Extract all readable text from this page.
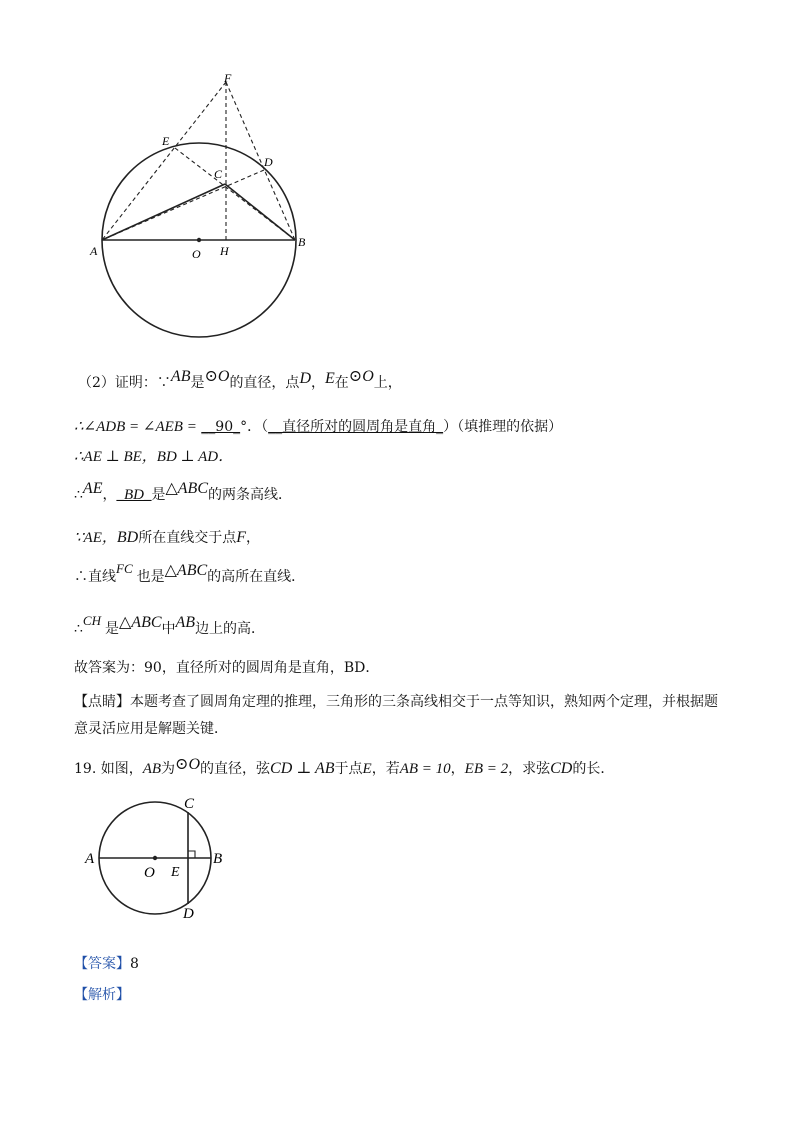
F
E
D
C
A	O H
B
（2）证明：∵AB是⊙O的直径，点D，E在⊙O上，
∴∠ADB = ∠AEB = __90_°．（__直径所对的圆周角是直角_）（填推理的依据）
∴AE ⊥ BE，BD ⊥ AD．
∴AE，_BD_是△ABC的两条高线．
∵AE，BD所在直线交于点F，
∴直线FC也是△ABC的高所在直线．
∴CH是△ABC中AB边上的高．
故答案为：90，直径所对的圆周角是直角，BD．
【点睛】本题考查了圆周角定理的推理，三角形的三条高线相交于一点等知识，熟知两个定理，并根据题
意灵活应用是解题关键．
19. 如图，AB为⊙O的直径，弦CD ⊥ AB于点E，若AB = 10，EB = 2，求弦CD的长．
C
A
O E
B
D
【答案】8
【解析】
